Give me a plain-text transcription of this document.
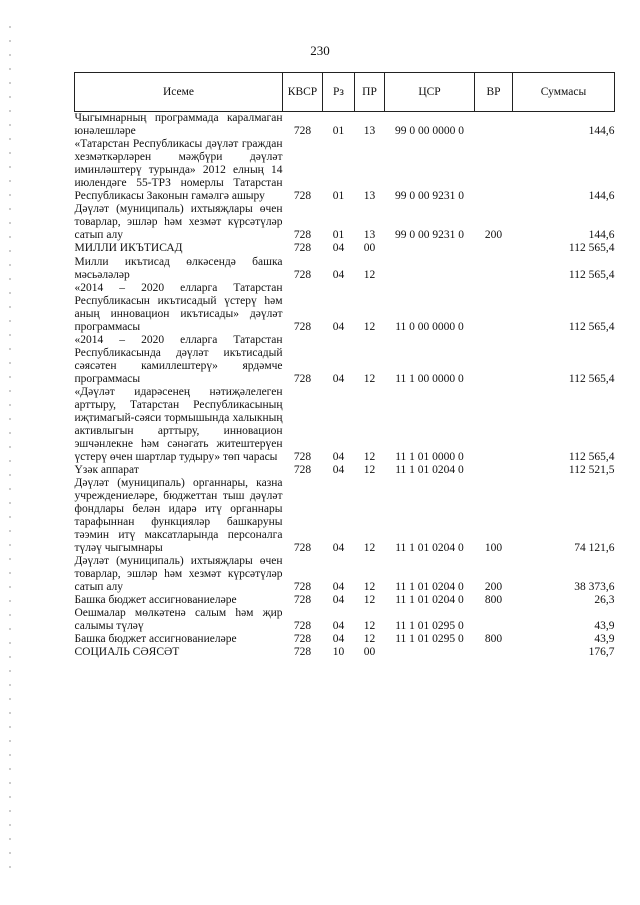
230
Исеме	КВСР	Рз	ПР	ЦСР	ВР	Суммасы
Чыгымнарның программада каралмаган юнәлешләре	728	01	13	99 0 00 0000 0		144,6
«Татарстан Республикасы дәүләт граждан хезмәткәрләрен мәҗбүри дәүләт иминләштерү турында» 2012 елның 14 июлендәге 55-ТРЗ номерлы Татарстан Республикасы Законын гамәлгә ашыру	728	01	13	99 0 00 9231 0		144,6
Дәүләт (муниципаль) ихтыяҗлары өчен товарлар, эшләр һәм хезмәт күрсәтүләр сатып алу	728	01	13	99 0 00 9231 0	200	144,6
МИЛЛИ ИКЪТИСАД	728	04	00			112 565,4
Милли икътисад өлкәсендә башка мәсьәләләр	728	04	12			112 565,4
«2014 – 2020 елларга Татарстан Республикасын икътисадый үстерү һәм аның инновацион икътисады» дәүләт программасы	728	04	12	11 0 00 0000 0		112 565,4
«2014 – 2020 елларга Татарстан Республикасында дәүләт икътисадый сәясәтен камиллештерү» ярдәмче программасы	728	04	12	11 1 00 0000 0		112 565,4
«Дәүләт идарәсенең нәтиҗәлелеген арттыру, Татарстан Республикасының иҗтимагый-сәяси тормышында халыкның активлыгын арттыру, инновацион эшчәнлекне һәм сәнәгать житештерүен үстерү өчен шартлар тудыру» төп чарасы	728	04	12	11 1 01 0000 0		112 565,4
Үзәк аппарат	728	04	12	11 1 01 0204 0		112 521,5
Дәүләт (муниципаль) органнары, казна учреждениеләре, бюджеттан тыш дәүләт фондлары белән идарә итү органнары тарафыннан функцияләр башкаруны тәэмин итү максатларында персоналга түләү чыгымнары	728	04	12	11 1 01 0204 0	100	74 121,6
Дәүләт (муниципаль) ихтыяҗлары өчен товарлар, эшләр һәм хезмәт күрсәтүләр сатып алу	728	04	12	11 1 01 0204 0	200	38 373,6
Башка бюджет ассигнованиеләре	728	04	12	11 1 01 0204 0	800	26,3
Оешмалар мөлкәтенә салым һәм җир салымы түләү	728	04	12	11 1 01 0295 0		43,9
Башка бюджет ассигнованиеләре	728	04	12	11 1 01 0295 0	800	43,9
СОЦИАЛЬ СӘЯСӘТ	728	10	00			176,7
